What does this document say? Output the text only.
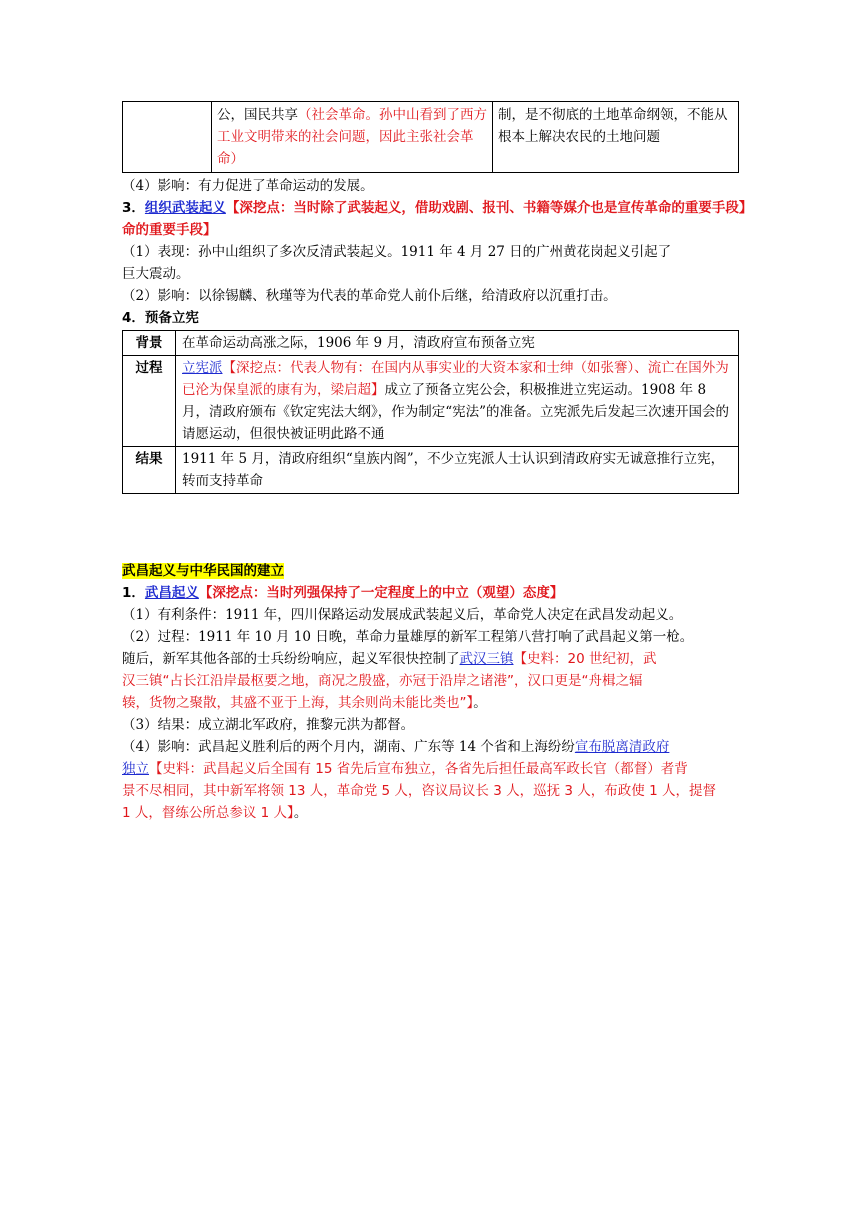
	公，国民共享（社会革命。孙中山看到了西方工业文明带来的社会问题，因此主张社会革命）	制，是不彻底的土地革命纲领，不能从根本上解决农民的土地问题
（4）影响：有力促进了革命运动的发展。
3．组织武装起义【深挖点：当时除了武装起义，借助戏剧、报刊、书籍等媒介也是宣传革命的重要手段】
命的重要手段】
（1）表现：孙中山组织了多次反清武装起义。1911 年 4 月 27 日的广州黄花岗起义引起了
巨大震动。
（2）影响：以徐锡麟、秋瑾等为代表的革命党人前仆后继，给清政府以沉重打击。
4．预备立宪
背景	在革命运动高涨之际，1906 年 9 月，清政府宣布预备立宪
过程	立宪派【深挖点：代表人物有：在国内从事实业的大资本家和士绅（如张謇）、流亡在国外为已沦为保皇派的康有为，梁启超】成立了预备立宪公会，积极推进立宪运动。1908 年 8 月，清政府颁布《钦定宪法大纲》，作为制定“宪法”的准备。立宪派先后发起三次速开国会的请愿运动，但很快被证明此路不通
结果	1911 年 5 月，清政府组织“皇族内阁”，不少立宪派人士认识到清政府实无诚意推行立宪，转而支持革命
武昌起义与中华民国的建立
1．武昌起义【深挖点：当时列强保持了一定程度上的中立（观望）态度】
（1）有利条件：1911 年，四川保路运动发展成武装起义后，革命党人决定在武昌发动起义。
（2）过程：1911 年 10 月 10 日晚，革命力量雄厚的新军工程第八营打响了武昌起义第一枪。
随后，新军其他各部的士兵纷纷响应，起义军很快控制了武汉三镇【史料：20 世纪初，武
汉三镇“占长江沿岸最枢要之地，商况之殷盛，亦冠于沿岸之诸港”，汉口更是“舟楫之辐
辏，货物之聚散，其盛不亚于上海，其余则尚未能比类也”】。
（3）结果：成立湖北军政府，推黎元洪为都督。
（4）影响：武昌起义胜利后的两个月内，湖南、广东等 14 个省和上海纷纷宣布脱离清政府
独立【史料：武昌起义后全国有 15 省先后宣布独立，各省先后担任最高军政长官（都督）者背
景不尽相同，其中新军将领 13 人，革命党 5 人，咨议局议长 3 人，巡抚 3 人，布政使 1 人，提督
1 人，督练公所总参议 1 人】。
